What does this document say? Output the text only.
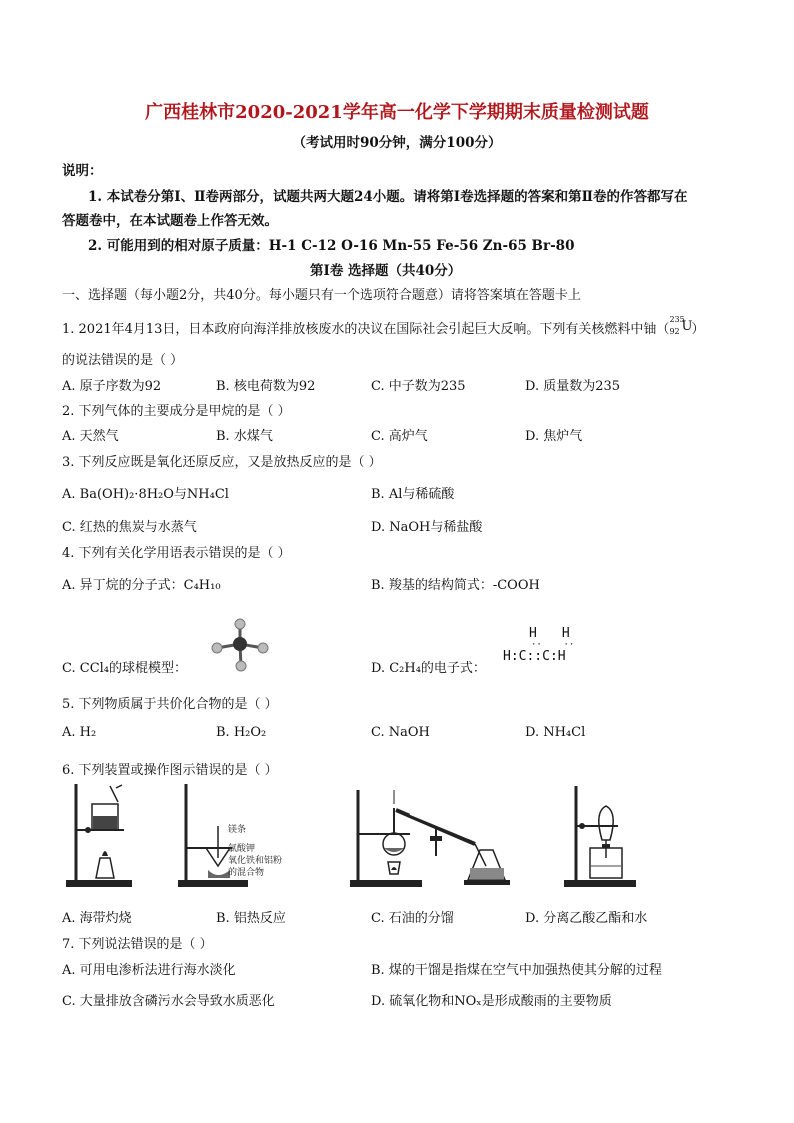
广西桂林市2020-2021学年高一化学下学期期末质量检测试题
（考试用时90分钟，满分100分）
说明：
1. 本试卷分第Ⅰ、Ⅱ卷两部分，试题共两大题24小题。请将第Ⅰ卷选择题的答案和第Ⅱ卷的作答都写在
答题卷中，在本试题卷上作答无效。
2. 可能用到的相对原子质量：H-1 C-12 O-16 Mn-55 Fe-56 Zn-65 Br-80
第Ⅰ卷 选择题（共40分）
一、选择题（每小题2分，共40分。每小题只有一个选项符合题意）请将答案填在答题卡上
1. 2021年4月13日，日本政府向海洋排放核废水的决议在国际社会引起巨大反响。下列有关核燃料中铀（
235
92 U ）
的说法错误的是（ ）
A. 原子序数为92	B. 核电荷数为92	C. 中子数为235	D. 质量数为235
2. 下列气体的主要成分是甲烷的是（ ）
A. 天然气	B. 水煤气	C. 高炉气	D. 焦炉气
3. 下列反应既是氧化还原反应，又是放热反应的是（ ）
A. Ba(OH)₂·8H₂O与NH₄Cl	B. Al与稀硫酸
C. 红热的焦炭与水蒸气	D. NaOH与稀盐酸
4. 下列有关化学用语表示错误的是（ ）
A. 异丁烷的分子式：C₄H₁₀	B. 羧基的结构简式：-COOH
C. CCl₄的球棍模型：	D. C₂H₄的电子式：
H H
··    ··
H:C::C:H
5. 下列物质属于共价化合物的是（ ）
A. H₂	B. H₂O₂	C. NaOH	D. NH₄Cl
6. 下列装置或操作图示错误的是（ ）
镁条
氯酸钾
氧化铁和铝粉
的混合物
A. 海带灼烧	B. 铝热反应	C. 石油的分馏	D. 分离乙酸乙酯和水
7. 下列说法错误的是（ ）
A. 可用电渗析法进行海水淡化	B. 煤的干馏是指煤在空气中加强热使其分解的过程
C. 大量排放含磷污水会导致水质恶化	D. 硫氧化物和NOₓ是形成酸雨的主要物质
